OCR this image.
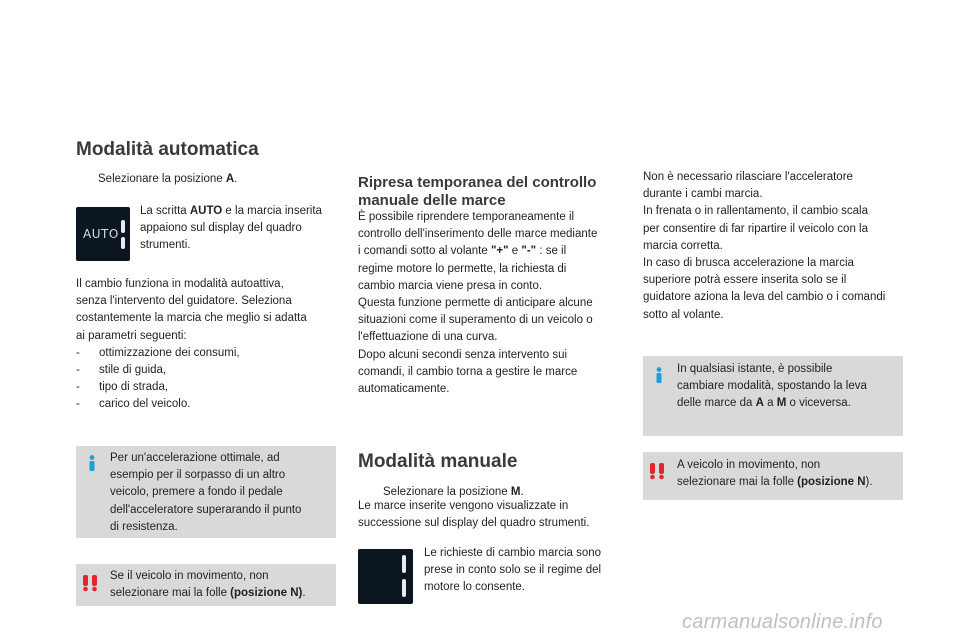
Modalità automatica
Selezionare la posizione A.
AUTO
La scritta AUTO e la marcia inserita appaiono sul display del quadro strumenti.
Il cambio funziona in modalità autoattiva,
senza l'intervento del guidatore. Seleziona
costantemente la marcia che meglio si adatta
ai parametri seguenti:
-      ottimizzazione dei consumi,
-      stile di guida,
-      tipo di strada,
-      carico del veicolo.
Per un'accelerazione ottimale, ad
esempio per il sorpasso di un altro
veicolo, premere a fondo il pedale
dell'acceleratore superarando il punto
di resistenza.
Se il veicolo in movimento, non
selezionare mai la folle (posizione N).
Ripresa temporanea del controllo
manuale delle marce
È possibile riprendere temporaneamente il
controllo dell'inserimento delle marce mediante
i comandi sotto al volante "+" e "-" : se il
regime motore lo permette, la richiesta di
cambio marcia viene presa in conto.
Questa funzione permette di anticipare alcune
situazioni come il superamento di un veicolo o
l'effettuazione di una curva.
Dopo alcuni secondi senza intervento sui
comandi, il cambio torna a gestire le marce
automaticamente.
Modalità manuale
Selezionare la posizione M.
Le marce inserite vengono visualizzate in
successione sul display del quadro strumenti.
Le richieste di cambio marcia sono
prese in conto solo se il regime del
motore lo consente.
Non è necessario rilasciare l'acceleratore
durante i cambi marcia.
In frenata o in rallentamento, il cambio scala
per consentire di far ripartire il veicolo con la
marcia corretta.
In caso di brusca accelerazione la marcia
superiore potrà essere inserita solo se il
guidatore aziona la leva del cambio o i comandi
sotto al volante.
In qualsiasi istante, è possibile
cambiare modalità, spostando la leva
delle marce da A a M o viceversa.
A veicolo in movimento, non
selezionare mai la folle (posizione N).
carmanualsonline.info
